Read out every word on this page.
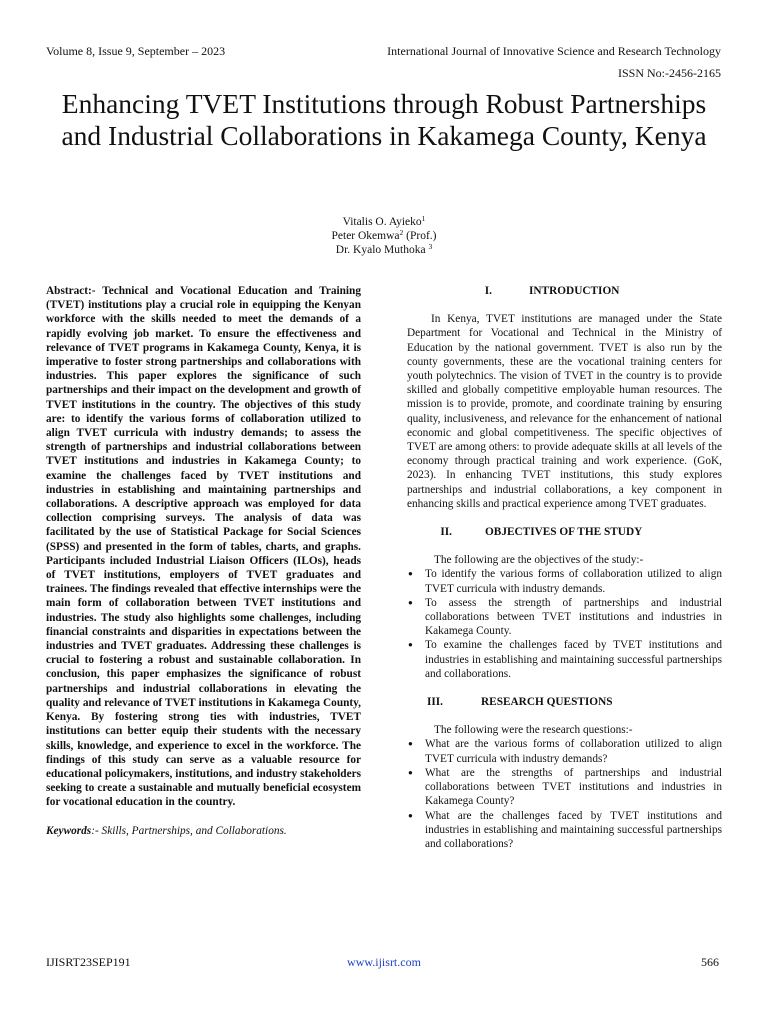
Volume 8, Issue 9, September – 2023	International Journal of Innovative Science and Research Technology
ISSN No:-2456-2165
Enhancing TVET Institutions through Robust Partnerships and Industrial Collaborations in Kakamega County, Kenya
Vitalis O. Ayieko$^1$
Peter Okemwa$^2$ (Prof.)
Dr. Kyalo Muthoka $^3$
Abstract:- Technical and Vocational Education and Training (TVET) institutions play a crucial role in equipping the Kenyan workforce with the skills needed to meet the demands of a rapidly evolving job market. To ensure the effectiveness and relevance of TVET programs in Kakamega County, Kenya, it is imperative to foster strong partnerships and collaborations with industries. This paper explores the significance of such partnerships and their impact on the development and growth of TVET institutions in the country. The objectives of this study are: to identify the various forms of collaboration utilized to align TVET curricula with industry demands; to assess the strength of partnerships and industrial collaborations between TVET institutions and industries in Kakamega County; to examine the challenges faced by TVET institutions and industries in establishing and maintaining partnerships and collaborations. A descriptive approach was employed for data collection comprising surveys. The analysis of data was facilitated by the use of Statistical Package for Social Sciences (SPSS) and presented in the form of tables, charts, and graphs. Participants included Industrial Liaison Officers (ILOs), heads of TVET institutions, employers of TVET graduates and trainees. The findings revealed that effective internships were the main form of collaboration between TVET institutions and industries. The study also highlights some challenges, including financial constraints and disparities in expectations between the industries and TVET graduates. Addressing these challenges is crucial to fostering a robust and sustainable collaboration. In conclusion, this paper emphasizes the significance of robust partnerships and industrial collaborations in elevating the quality and relevance of TVET institutions in Kakamega County, Kenya. By fostering strong ties with industries, TVET institutions can better equip their students with the necessary skills, knowledge, and experience to excel in the workforce. The findings of this study can serve as a valuable resource for educational policymakers, institutions, and industry stakeholders seeking to create a sustainable and mutually beneficial ecosystem for vocational education in the country.
Keywords:- Skills, Partnerships, and Collaborations.
I.	INTRODUCTION

In Kenya, TVET institutions are managed under the State Department for Vocational and Technical in the Ministry of Education by the national government. TVET is also run by the county governments, these are the vocational training centers for youth polytechnics. The vision of TVET in the country is to provide skilled and globally competitive employable human resources. The mission is to provide, promote, and coordinate training by ensuring quality, inclusiveness, and relevance for the enhancement of national economic and global competitiveness. The specific objectives of TVET are among others: to provide adequate skills at all levels of the economy through practical training and work experience. (GoK, 2023). In enhancing TVET institutions, this study explores partnerships and industrial collaborations, a key component in enhancing skills and practical experience among TVET graduates.

II.	OBJECTIVES OF THE STUDY

The following are the objectives of the study:-

● To identify the various forms of collaboration utilized to align TVET curricula with industry demands.
● To assess the strength of partnerships and industrial collaborations between TVET institutions and industries in Kakamega County.
● To examine the challenges faced by TVET institutions and industries in establishing and maintaining successful partnerships and collaborations.
III.	RESEARCH QUESTIONS

The following were the research questions:-

● What are the various forms of collaboration utilized to align TVET curricula with industry demands?
● What are the strengths of partnerships and industrial collaborations between TVET institutions and industries in Kakamega County?
● What are the challenges faced by TVET institutions and industries in establishing and maintaining successful partnerships and collaborations?
IJISRT23SEP191	www.ijisrt.com	566
